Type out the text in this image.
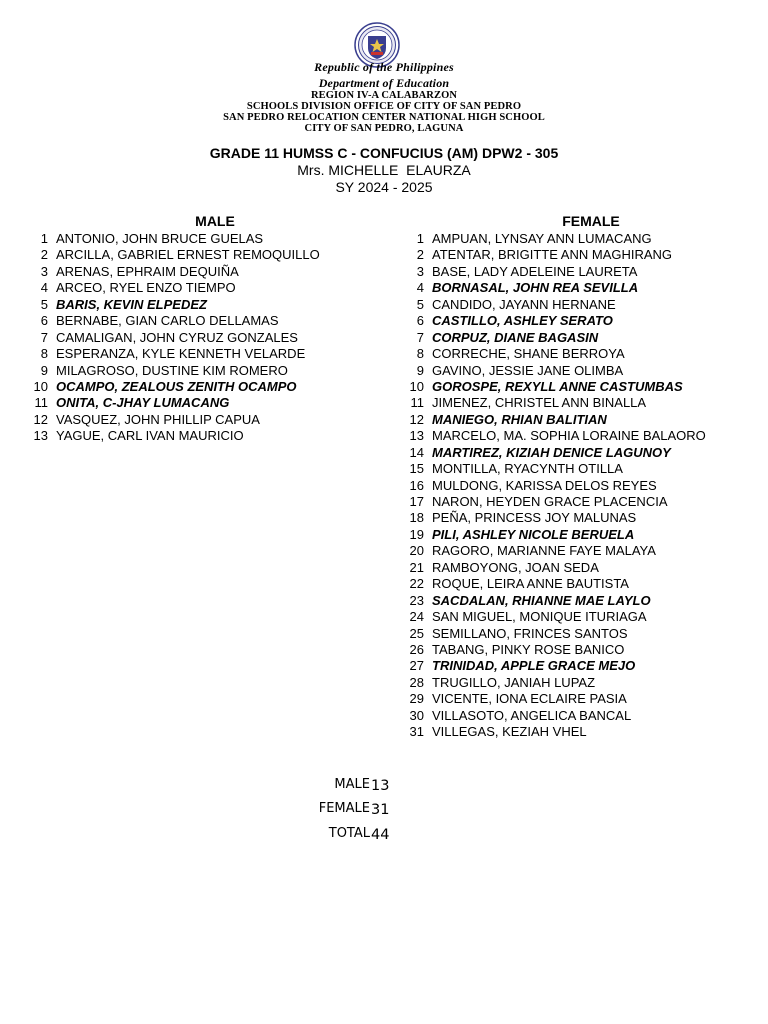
Republic of the Philippines
Department of Education
REGION IV-A CALABARZON
SCHOOLS DIVISION OFFICE OF CITY OF SAN PEDRO
SAN PEDRO RELOCATION CENTER NATIONAL HIGH SCHOOL
CITY OF SAN PEDRO, LAGUNA
GRADE 11 HUMSS C - CONFUCIUS (AM) DPW2 - 305
Mrs. MICHELLE  ELAURZA
SY 2024 - 2025
MALE	FEMALE
1 ANTONIO, JOHN BRUCE GUELAS
2 ARCILLA, GABRIEL ERNEST REMOQUILLO
3 ARENAS, EPHRAIM DEQUIÑA
4 ARCEO, RYEL ENZO TIEMPO
5 BARIS, KEVIN ELPEDEZ
6 BERNABE, GIAN CARLO DELLAMAS
7 CAMALIGAN, JOHN CYRUZ GONZALES
8 ESPERANZA, KYLE KENNETH VELARDE
9 MILAGROSO, DUSTINE KIM ROMERO
10 OCAMPO, ZEALOUS ZENITH OCAMPO
11 ONITA, C-JHAY LUMACANG
12 VASQUEZ, JOHN PHILLIP CAPUA
13 YAGUE, CARL IVAN MAURICIO
1 AMPUAN, LYNSAY ANN LUMACANG
2 ATENTAR, BRIGITTE ANN MAGHIRANG
3 BASE, LADY ADELEINE LAURETA
4 BORNASAL, JOHN REA SEVILLA
5 CANDIDO, JAYANN HERNANE
6 CASTILLO, ASHLEY SERATO
7 CORPUZ, DIANE BAGASIN
8 CORRECHE, SHANE BERROYA
9 GAVINO, JESSIE JANE OLIMBA
10 GOROSPE, REXYLL ANNE CASTUMBAS
11 JIMENEZ, CHRISTEL ANN BINALLA
12 MANIEGO, RHIAN BALITIAN
13 MARCELO, MA. SOPHIA LORAINE BALAORO
14 MARTIREZ, KIZIAH DENICE LAGUNOY
15 MONTILLA, RYACYNTH OTILLA
16 MULDONG, KARISSA DELOS REYES
17 NARON, HEYDEN GRACE PLACENCIA
18 PEÑA, PRINCESS JOY MALUNAS
19 PILI, ASHLEY NICOLE BERUELA
20 RAGORO, MARIANNE FAYE MALAYA
21 RAMBOYONG, JOAN SEDA
22 ROQUE, LEIRA ANNE BAUTISTA
23 SACDALAN, RHIANNE MAE LAYLO
24 SAN MIGUEL, MONIQUE ITURIAGA
25 SEMILLANO, FRINCES SANTOS
26 TABANG, PINKY ROSE BANICO
27 TRINIDAD, APPLE GRACE MEJO
28 TRUGILLO, JANIAH LUPAZ
29 VICENTE, IONA ECLAIRE PASIA
30 VILLASOTO, ANGELICA BANCAL
31 VILLEGAS, KEZIAH VHEL
MALE 13
FEMALE 31
TOTAL 44
